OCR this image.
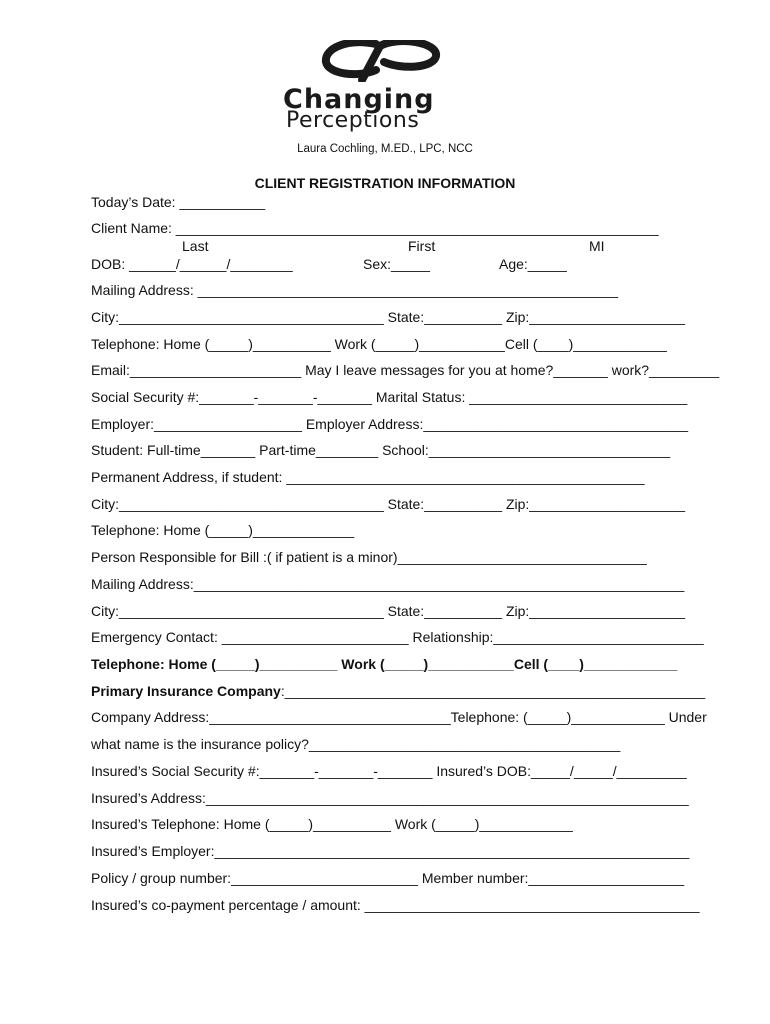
Changing
Perceptions
Laura Cochling, M.ED., LPC, NCC
CLIENT REGISTRATION INFORMATION
Today’s Date: ___________
Client Name: ______________________________________________________________
Last	First	MI
DOB: ______/______/________	Sex:_____	Age:_____
Mailing Address: ______________________________________________________
City:__________________________________ State:__________ Zip:____________________
Telephone: Home (_____)__________ Work (_____)___________Cell (____)____________
Email:______________________ May I leave messages for you at home?_______ work?_________
Social Security #:_______-_______-_______ Marital Status: ____________________________
Employer:___________________ Employer Address:__________________________________
Student: Full-time_______ Part-time________ School:_______________________________
Permanent Address, if student: ______________________________________________
City:__________________________________ State:__________ Zip:____________________
Telephone: Home (_____)_____________
Person Responsible for Bill :( if patient is a minor)________________________________
Mailing Address:_______________________________________________________________
City:__________________________________ State:__________ Zip:____________________
Emergency Contact: ________________________ Relationship:___________________________
Telephone: Home (_____)__________ Work (_____)___________Cell (____)____________
Primary Insurance Company:______________________________________________________
Company Address:_______________________________Telephone: (_____)____________ Under
what name is the insurance policy?________________________________________
Insured’s Social Security #:_______-_______-_______ Insured’s DOB:_____/_____/_________
Insured’s Address:______________________________________________________________
Insured’s Telephone: Home (_____)__________ Work (_____)____________
Insured’s Employer:_____________________________________________________________
Policy / group number:________________________ Member number:____________________
Insured’s co-payment percentage / amount: ___________________________________________
